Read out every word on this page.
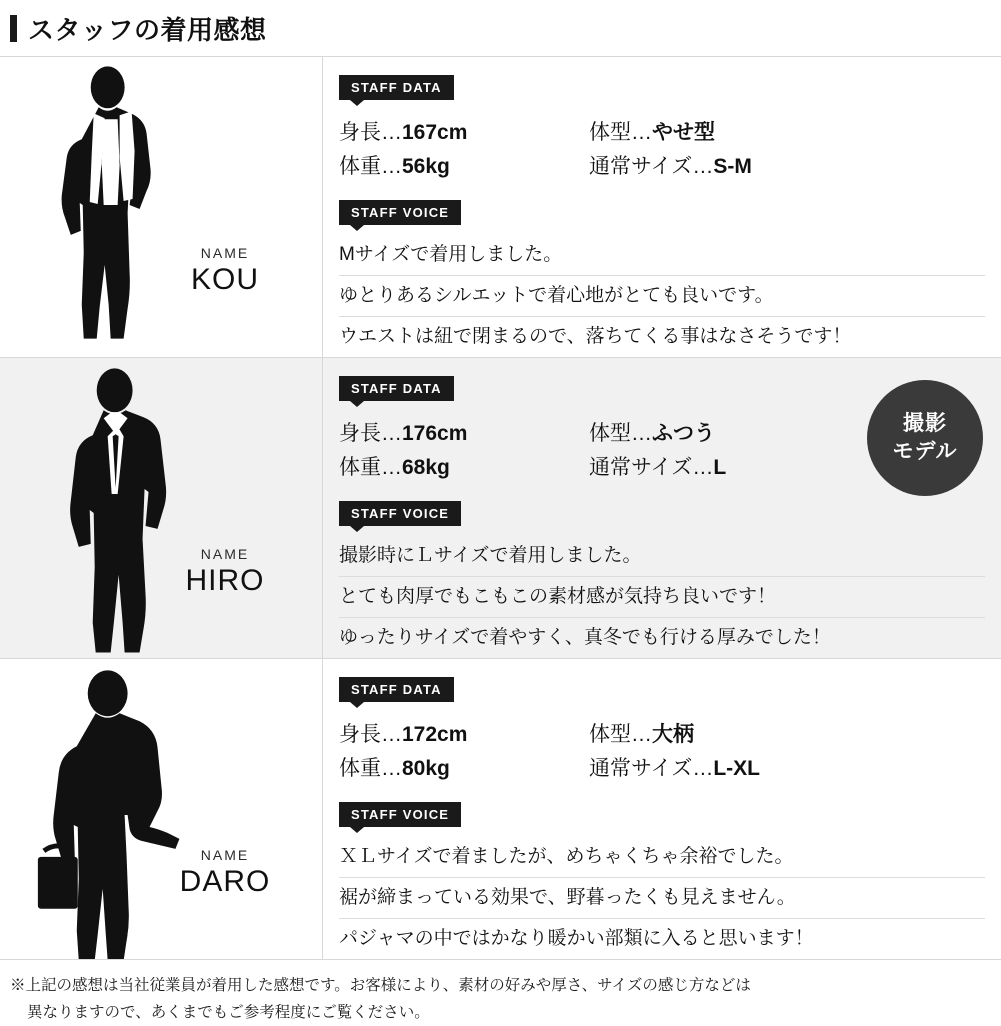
スタッフの着用感想
NAME
KOU
STAFF DATA
身長…167cm
体重…56kg
体型…やせ型
通常サイズ…S-M
STAFF VOICE
Mサイズで着用しました。
ゆとりあるシルエットで着心地がとても良いです。
ウエストは紐で閉まるので、落ちてくる事はなさそうです！
NAME
HIRO
STAFF DATA
撮影
モデル
身長…176cm
体重…68kg
体型…ふつう
通常サイズ…L
STAFF VOICE
撮影時にＬサイズで着用しました。
とても肉厚でもこもこの素材感が気持ち良いです！
ゆったりサイズで着やすく、真冬でも行ける厚みでした！
NAME
DARO
STAFF DATA
身長…172cm
体重…80kg
体型…大柄
通常サイズ…L-XL
STAFF VOICE
ＸＬサイズで着ましたが、めちゃくちゃ余裕でした。
裾が締まっている効果で、野暮ったくも見えません。
パジャマの中ではかなり暖かい部類に入ると思います！
※上記の感想は当社従業員が着用した感想です。お客様により、素材の好みや厚さ、サイズの感じ方などは
異なりますので、あくまでもご参考程度にご覧ください。
